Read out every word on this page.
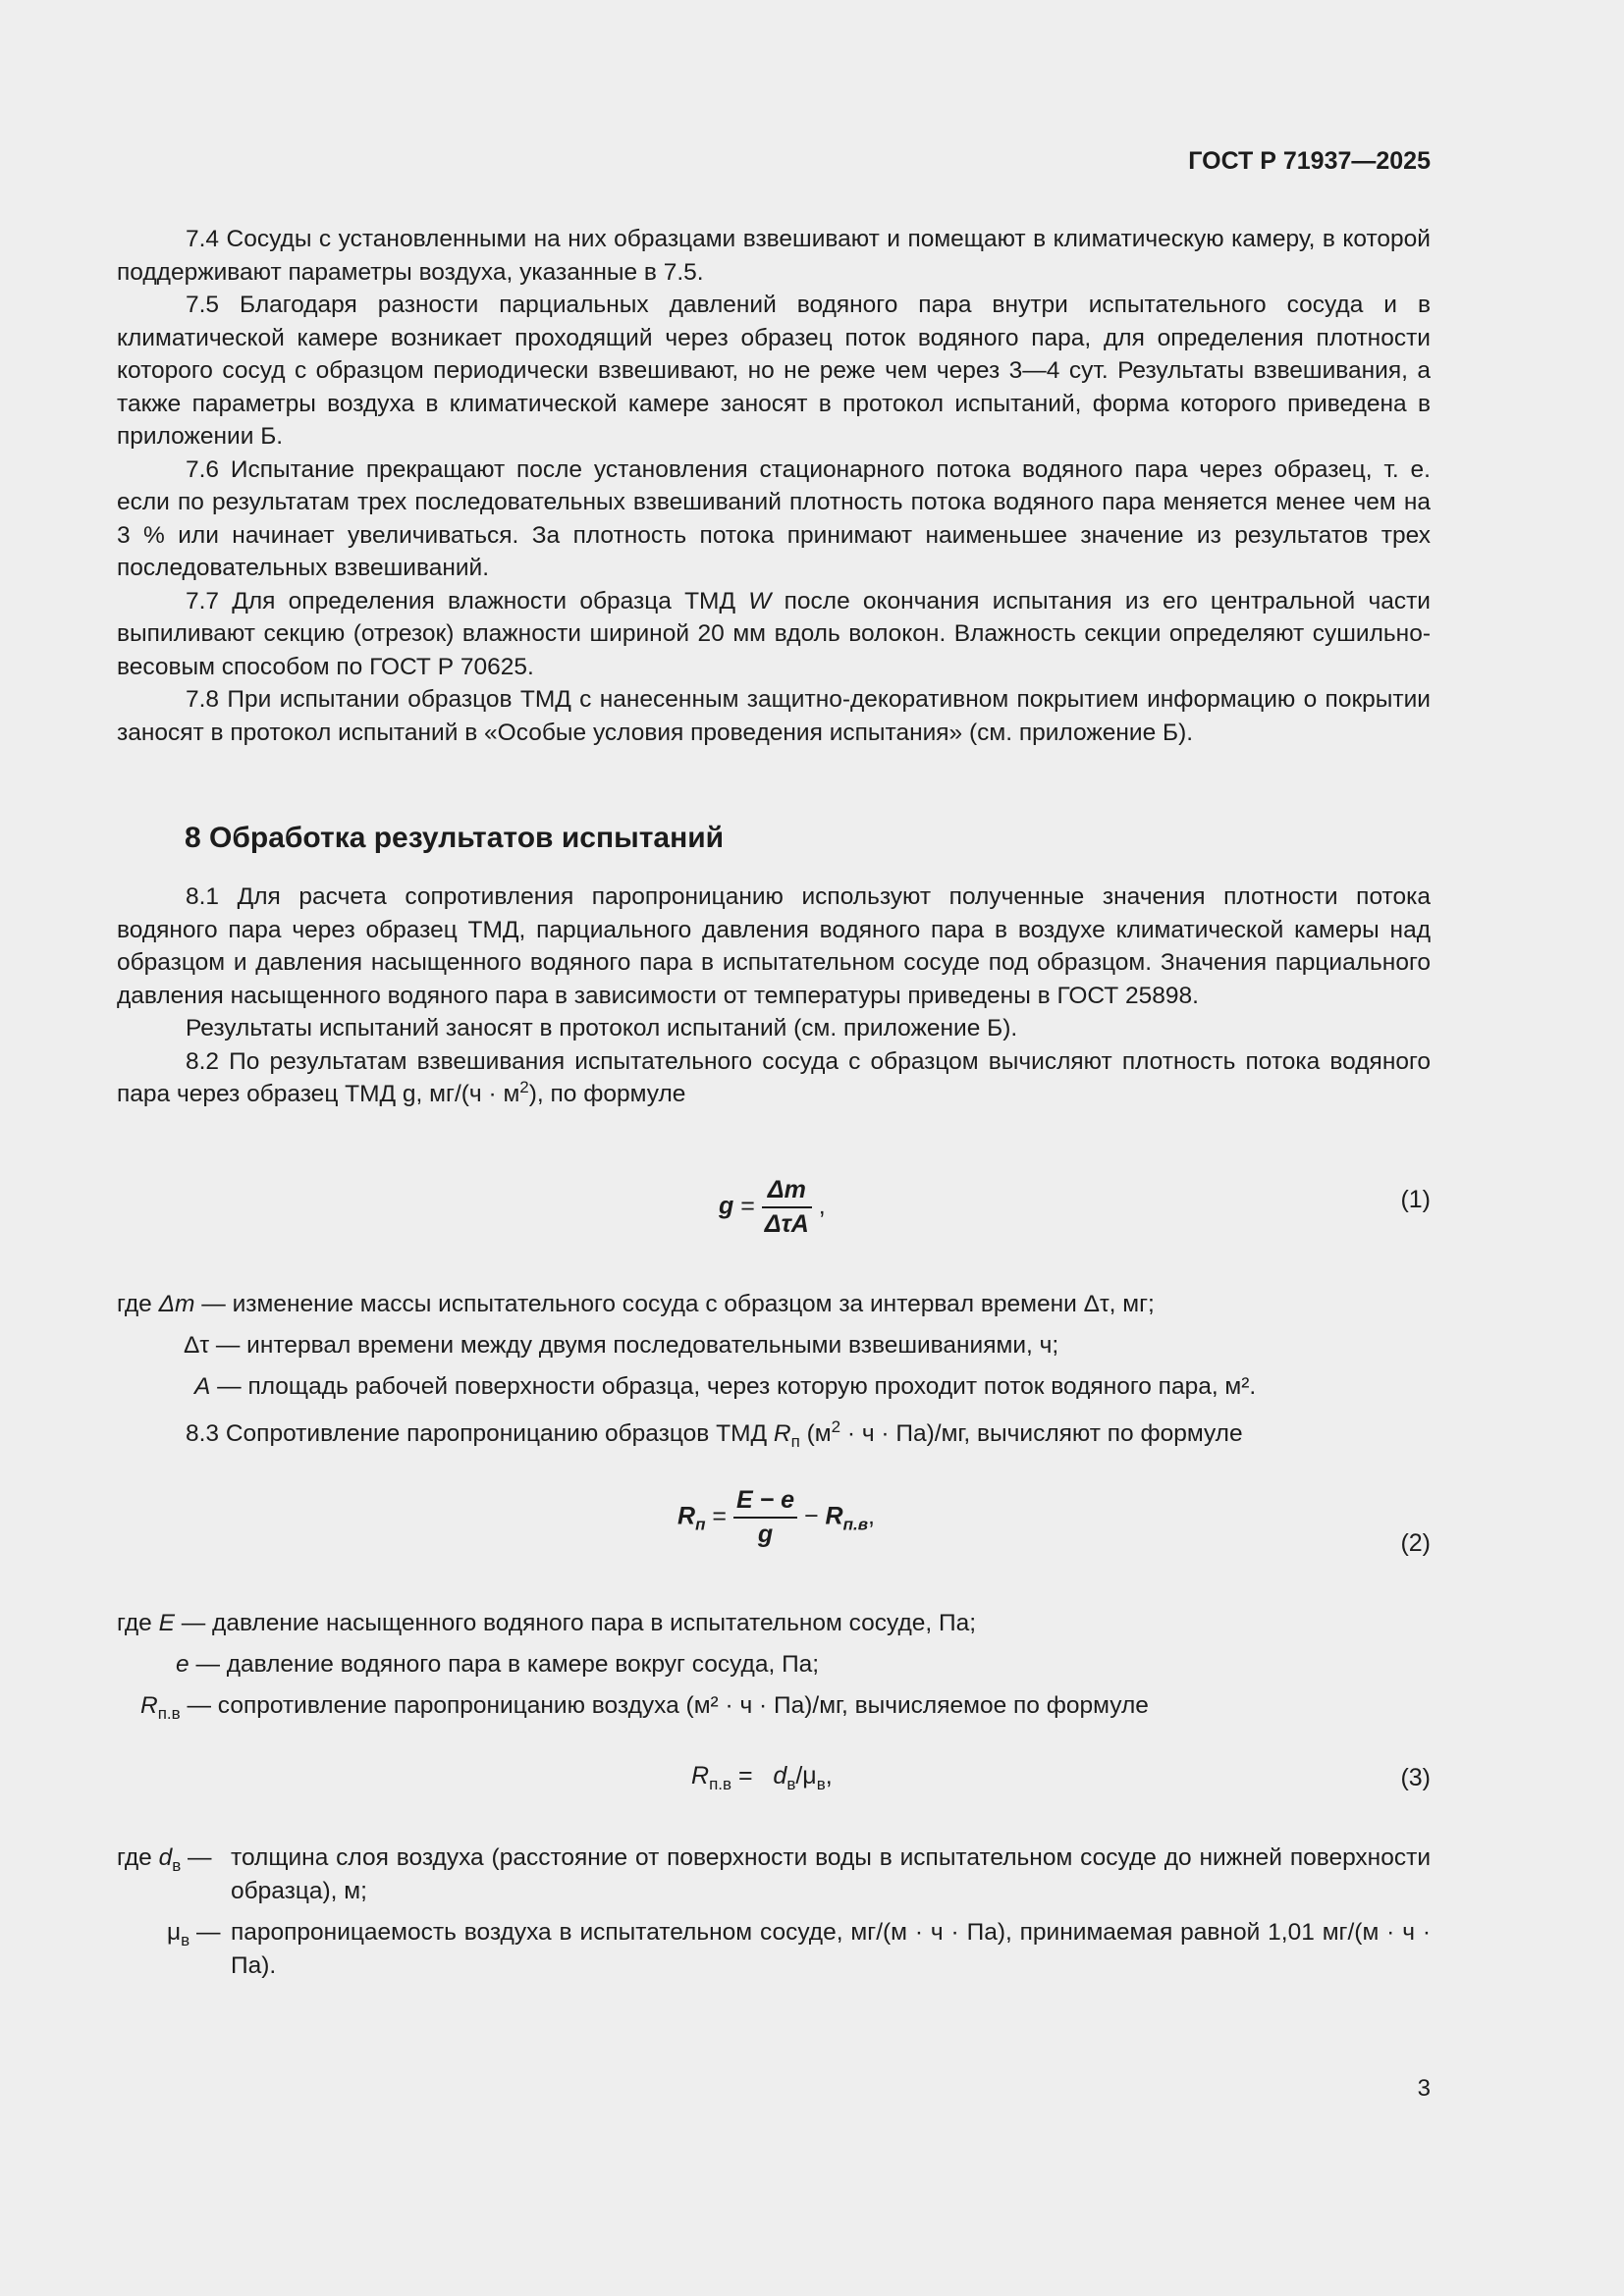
ГОСТ Р 71937—2025

7.4 Сосуды с установленными на них образцами взвешивают и помещают в климатическую камеру, в которой поддерживают параметры воздуха, указанные в 7.5.

7.5 Благодаря разности парциальных давлений водяного пара внутри испытательного сосуда и в климатической камере возникает проходящий через образец поток водяного пара, для определения плотности которого сосуд с образцом периодически взвешивают, но не реже чем через 3—4 сут. Результаты взвешивания, а также параметры воздуха в климатической камере заносят в протокол испытаний, форма которого приведена в приложении Б.

7.6 Испытание прекращают после установления стационарного потока водяного пара через образец, т. е. если по результатам трех последовательных взвешиваний плотность потока водяного пара меняется менее чем на 3 % или начинает увеличиваться. За плотность потока принимают наименьшее значение из результатов трех последовательных взвешиваний.

7.7 Для определения влажности образца ТМД W после окончания испытания из его центральной части выпиливают секцию (отрезок) влажности шириной 20 мм вдоль волокон. Влажность секции определяют сушильно-весовым способом по ГОСТ Р 70625.

7.8 При испытании образцов ТМД с нанесенным защитно-декоративном покрытием информацию о покрытии заносят в протокол испытаний в «Особые условия проведения испытания» (см. приложение Б).

8 Обработка результатов испытаний

8.1 Для расчета сопротивления паропроницанию используют полученные значения плотности потока водяного пара через образец ТМД, парциального давления водяного пара в воздухе климатической камеры над образцом и давления насыщенного водяного пара в испытательном сосуде под образцом. Значения парциального давления насыщенного водяного пара в зависимости от температуры приведены в ГОСТ 25898.

Результаты испытаний заносят в протокол испытаний (см. приложение Б).

8.2 По результатам взвешивания испытательного сосуда с образцом вычисляют плотность потока водяного пара через образец ТМД g, $мг/(ч \cdot м^2)$, по формуле

$g = \frac{\Delta m}{\text{ΔτA}}$ ,	(1)
где Δm — изменение массы испытательного сосуда с образцом за интервал времени Δτ, мг;
Δτ — интервал времени между двумя последовательными взвешиваниями, ч;
A — площадь рабочей поверхности образца, через которую проходит поток водяного пара, м².

8.3 Сопротивление паропроницанию образцов ТМД $R_п$ $(м^2 \cdot ч \cdot Па)/мг$, вычисляют по формуле

$R_п = \frac{E - e}{g} - R_{п.в}$,
(2)
где E — давление насыщенного водяного пара в испытательном сосуде, Па;
e — давление водяного пара в камере вокруг сосуда, Па;
$R_{п.в}$ — сопротивление паропроницанию воздуха (м² · ч · Па)/мг, вычисляемое по формуле
$R_{п.в} = d_в/\mu_в$,	(3)
где $d_в$ — толщина слоя воздуха (расстояние от поверхности воды в испытательном сосуде до нижней поверхности образца), м;
$\mu_в$ — паропроницаемость воздуха в испытательном сосуде, мг/(м · ч · Па), принимаемая равной 1,01 мг/(м · ч · Па).
3
